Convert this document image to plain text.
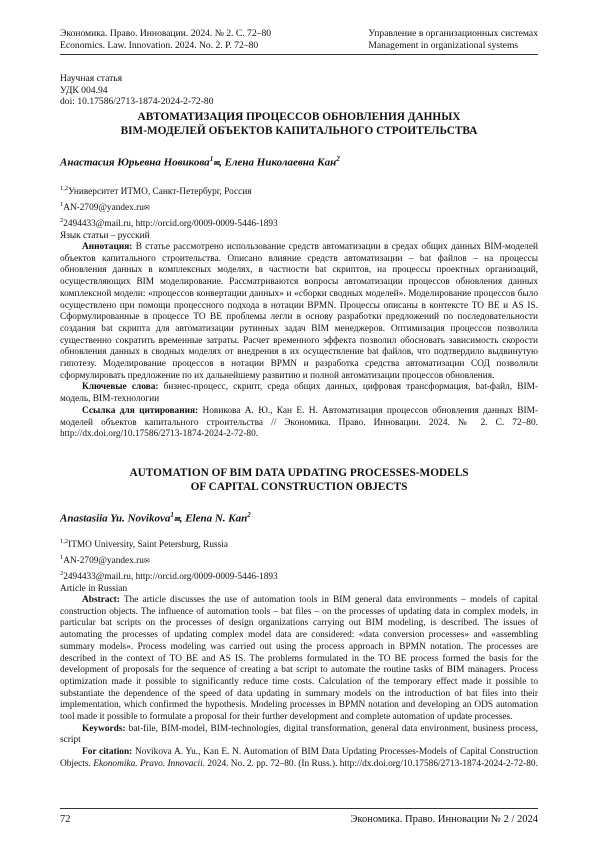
Экономика. Право. Инновации. 2024. № 2. С. 72–80
Economics. Law. Innovation. 2024. No. 2. P. 72–80
Управление в организационных системах
Management in organizational systems
Научная статья
УДК 004.94
doi: 10.17586/2713-1874-2024-2-72-80
АВТОМАТИЗАЦИЯ ПРОЦЕССОВ ОБНОВЛЕНИЯ ДАННЫХ
BIM-МОДЕЛЕЙ ОБЪЕКТОВ КАПИТАЛЬНОГО СТРОИТЕЛЬСТВА
Анастасия Юрьевна Новикова$^1$✉, Елена Николаевна Кан$^2$
$^{1,2}$Университет ИТМО, Санкт-Петербург, Россия
$^1$AN-2709@yandex.ru✉
$^2$2494433@mail.ru, http://orcid.org/0009-0009-5446-1893
Язык статьи – русский

Аннотация: В статье рассмотрено использование средств автоматизации в средах общих данных BIM-моделей объектов капитального строительства. Описано влияние средств автоматизации – bat файлов – на процессы обновления данных в комплексных моделях, в частности bat скриптов, на процессы проектных организаций, осуществляющих BIM моделирование. Рассматриваются вопросы автоматизации процессов обновления данных комплексной модели: «процессов конвертации данных» и «сборки сводных моделей». Моделирование процессов было осуществлено при помощи процессного подхода в нотации BPMN. Процессы описаны в контексте TO BE и AS IS. Сформулированные в процессе TO BE проблемы легли в основу разработки предложений по последовательности создания bat скрипта для автоматизации рутинных задач BIM менеджеров. Оптимизация процессов позволила существенно сократить временные затраты. Расчет временного эффекта позволил обосновать зависимость скорости обновления данных в сводных моделях от внедрения в их осуществление bat файлов, что подтвердило выдвинутую гипотезу. Моделирование процессов в нотации BPMN и разработка средства автоматизации СОД позволили сформулировать предложение по их дальнейшему развитию и полной автоматизации процессов обновления.

Ключевые слова: бизнес-процесс, скрипт, среда общих данных, цифровая трансформация, bat-файл, BIM-модель, BIM-технологии

Ссылка для цитирования: Новикова А. Ю., Кан Е. Н. Автоматизация процессов обновления данных BIM-моделей объектов капитального строительства // Экономика. Право. Инновации. 2024. № 2. С. 72–80. http://dx.doi.org/10.17586/2713-1874-2024-2-72-80.

AUTOMATION OF BIM DATA UPDATING PROCESSES-MODELS
OF CAPITAL CONSTRUCTION OBJECTS
Anastasiia Yu. Novikova$^1$✉, Elena N. Kan$^2$
$^{1,2}$ITMO University, Saint Petersburg, Russia
$^1$AN-2709@yandex.ru✉
$^2$2494433@mail.ru, http://orcid.org/0009-0009-5446-1893
Article in Russian

Abstract: The article discusses the use of automation tools in BIM general data environments – models of capital construction objects. The influence of automation tools – bat files – on the processes of updating data in complex models, in particular bat scripts on the processes of design organizations carrying out BIM modeling, is described. The issues of automating the processes of updating complex model data are considered: «data conversion processes» and «assembling summary models». Process modeling was carried out using the process approach in BPMN notation. The processes are described in the context of TO BE and AS IS. The problems formulated in the TO BE process formed the basis for the development of proposals for the sequence of creating a bat script to automate the routine tasks of BIM managers. Process optimization made it possible to significantly reduce time costs. Calculation of the temporary effect made it possible to substantiate the dependence of the speed of data updating in summary models on the introduction of bat files into their implementation, which confirmed the hypothesis. Modeling processes in BPMN notation and developing an ODS automation tool made it possible to formulate a proposal for their further development and complete automation of update processes.

Keywords: bat-file, BIM-model, BIM-technologies, digital transformation, general data environment, business process, script

For citation: Novikova A. Yu., Kan E. N. Automation of BIM Data Updating Processes-Models of Capital Construction Objects. Ekonomika. Pravo. Innovacii. 2024. No. 2. pp. 72–80. (In Russ.). http://dx.doi.org/10.17586/2713-1874-2024-2-72-80.

72	Экономика. Право. Инновации № 2 / 2024
